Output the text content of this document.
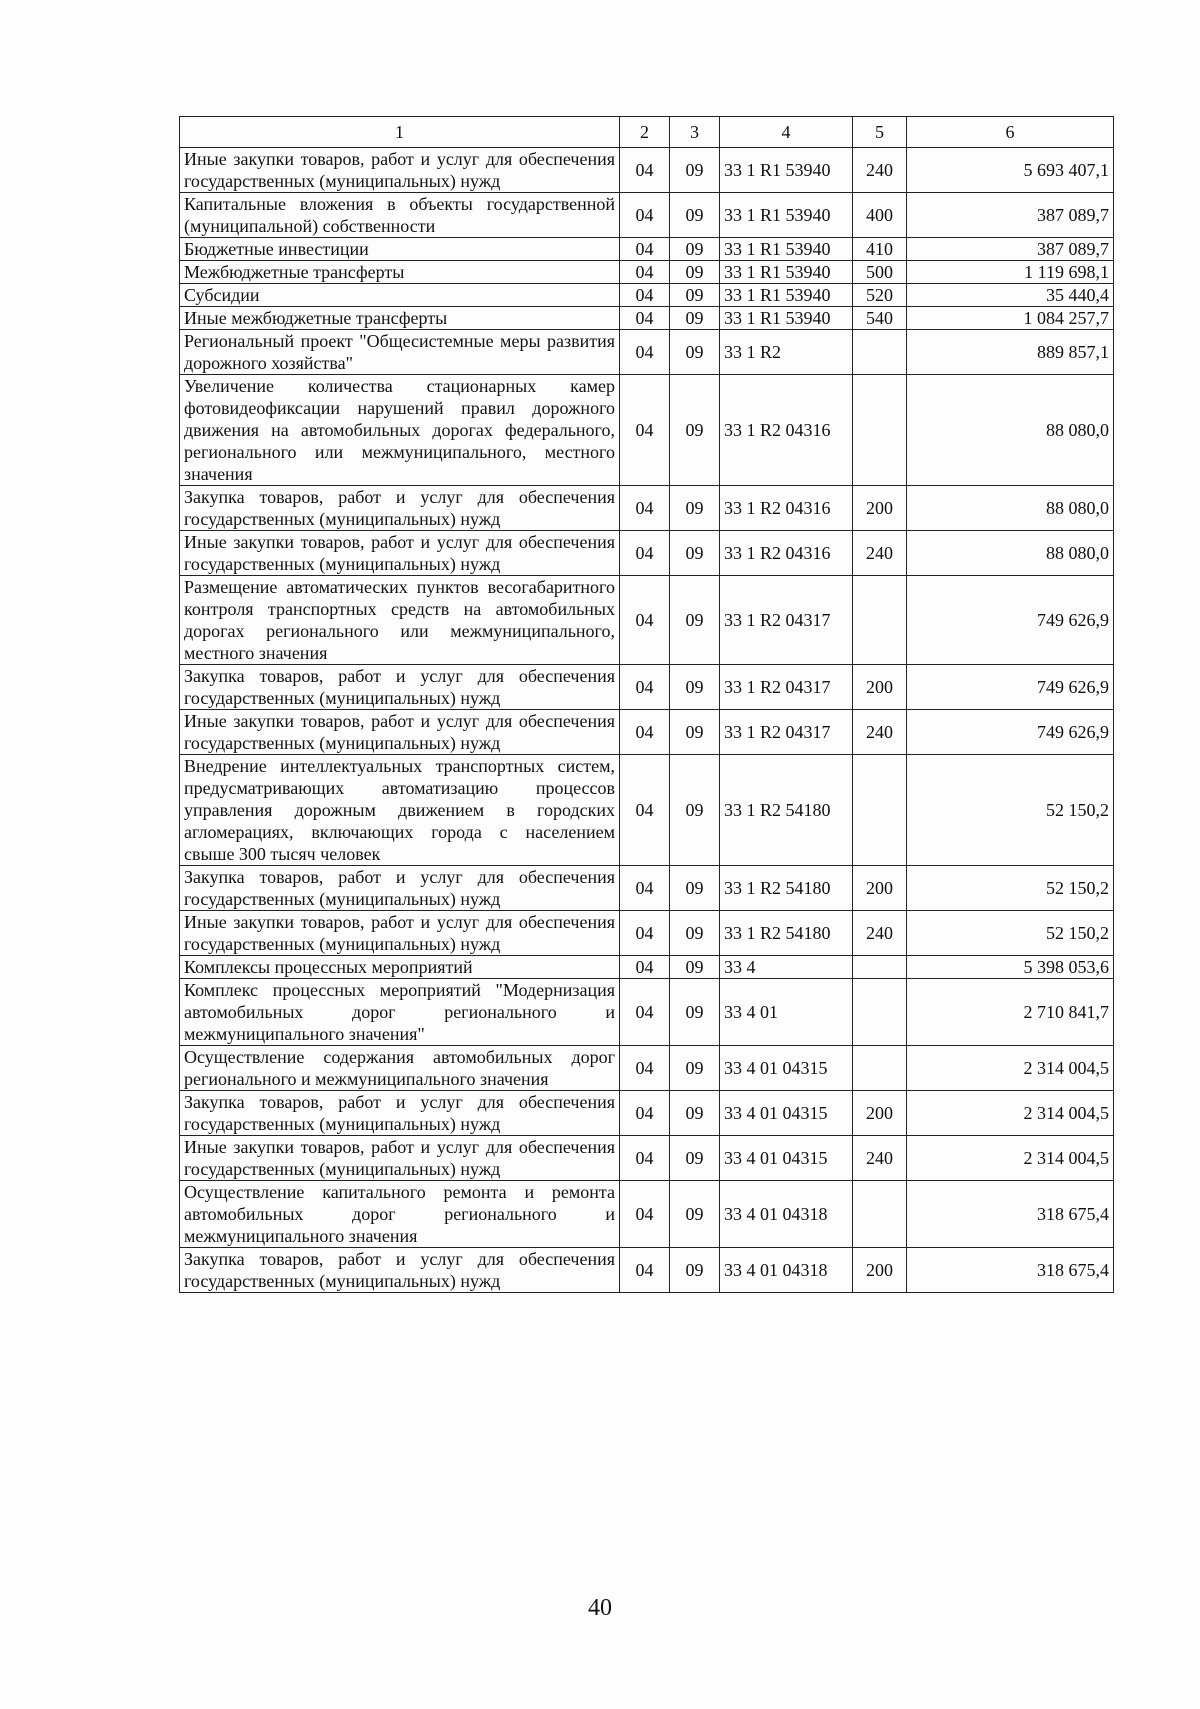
1	2	3	4	5	6
Иные закупки товаров, работ и услуг для обеспечения государственных (муниципальных) нужд	04	09	33 1 R1 53940	240	5 693 407,1
Капитальные вложения в объекты государственной (муниципальной) собственности	04	09	33 1 R1 53940	400	387 089,7
Бюджетные инвестиции	04	09	33 1 R1 53940	410	387 089,7
Межбюджетные трансферты	04	09	33 1 R1 53940	500	1 119 698,1
Субсидии	04	09	33 1 R1 53940	520	35 440,4
Иные межбюджетные трансферты	04	09	33 1 R1 53940	540	1 084 257,7
Региональный проект "Общесистемные меры развития дорожного хозяйства"	04	09	33 1 R2		889 857,1
Увеличение количества стационарных камер фотовидеофиксации нарушений правил дорожного движения на автомобильных дорогах федерального, регионального или межмуниципального, местного значения	04	09	33 1 R2 04316		88 080,0
Закупка товаров, работ и услуг для обеспечения государственных (муниципальных) нужд	04	09	33 1 R2 04316	200	88 080,0
Иные закупки товаров, работ и услуг для обеспечения государственных (муниципальных) нужд	04	09	33 1 R2 04316	240	88 080,0
Размещение автоматических пунктов весогабаритного контроля транспортных средств на автомобильных дорогах регионального или межмуниципального, местного значения	04	09	33 1 R2 04317		749 626,9
Закупка товаров, работ и услуг для обеспечения государственных (муниципальных) нужд	04	09	33 1 R2 04317	200	749 626,9
Иные закупки товаров, работ и услуг для обеспечения государственных (муниципальных) нужд	04	09	33 1 R2 04317	240	749 626,9
Внедрение интеллектуальных транспортных систем, предусматривающих автоматизацию процессов управления дорожным движением в городских агломерациях, включающих города с населением свыше 300 тысяч человек	04	09	33 1 R2 54180		52 150,2
Закупка товаров, работ и услуг для обеспечения государственных (муниципальных) нужд	04	09	33 1 R2 54180	200	52 150,2
Иные закупки товаров, работ и услуг для обеспечения государственных (муниципальных) нужд	04	09	33 1 R2 54180	240	52 150,2
Комплексы процессных мероприятий	04	09	33 4		5 398 053,6
Комплекс процессных мероприятий "Модернизация автомобильных дорог регионального и межмуниципального значения"	04	09	33 4 01		2 710 841,7
Осуществление содержания автомобильных дорог регионального и межмуниципального значения	04	09	33 4 01 04315		2 314 004,5
Закупка товаров, работ и услуг для обеспечения государственных (муниципальных) нужд	04	09	33 4 01 04315	200	2 314 004,5
Иные закупки товаров, работ и услуг для обеспечения государственных (муниципальных) нужд	04	09	33 4 01 04315	240	2 314 004,5
Осуществление капитального ремонта и ремонта автомобильных дорог регионального и межмуниципального значения	04	09	33 4 01 04318		318 675,4
Закупка товаров, работ и услуг для обеспечения государственных (муниципальных) нужд	04	09	33 4 01 04318	200	318 675,4
40
